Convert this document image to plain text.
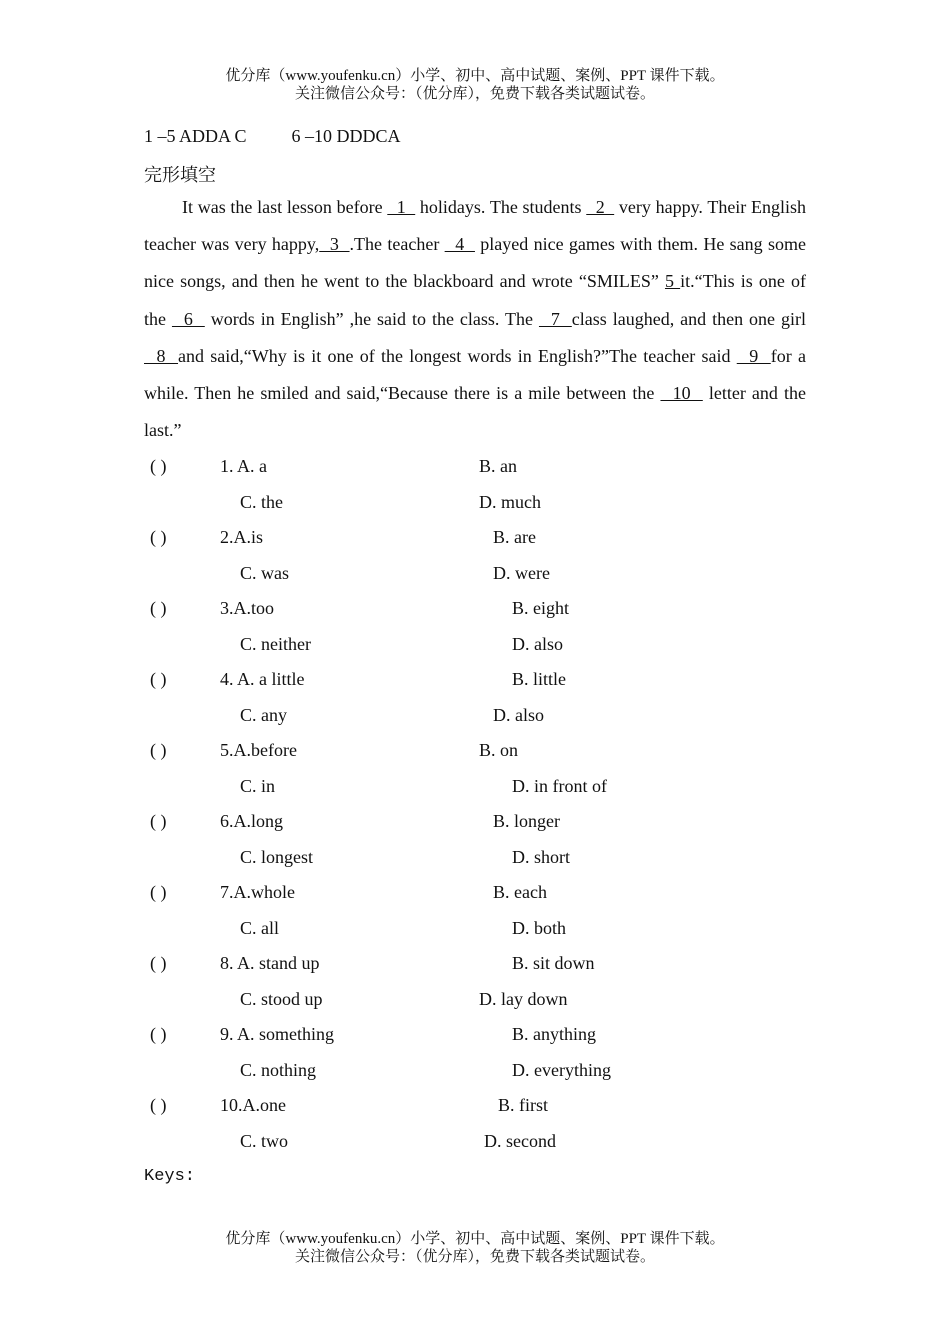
优分库（www.youfenku.cn）小学、初中、高中试题、案例、PPT 课件下载。
关注微信公众号：（优分库），免费下载各类试题试卷。
1 –5 ADDA C	6 –10 DDDCA
完形填空
It was the last lesson before   1   holidays. The students   2   very happy. Their English teacher was very happy,  3  .The teacher   4   played nice games with them. He sang some nice songs, and then he went to the blackboard and wrote “SMILES” 5 it.“This is one of the   6   words in English” ,he said to the class. The   7  class laughed, and then one girl   8  and said,“Why is it one of the longest words in English?”The teacher said   9  for a while. Then he smiled and said,“Because there is a mile between the   10   letter and the last.”
( )	1. A. a	B. an
C. the	D. much
( )	2.A.is	B. are
C. was	D. were
( )	3.A.too	B. eight
C. neither	D. also
( )	4. A. a little	B. little
C. any	D. also
( )	5.A.before	B. on
C. in	D. in front of
( )	6.A.long	B. longer
C. longest	D. short
( )	7.A.whole	B. each
C. all	D. both
( )	8. A. stand up	B. sit down
C. stood up	D. lay down
( )	9. A. something	B. anything
C. nothing	D. everything
( )	10.A.one	B. first
C. two	D. second
Keys:
优分库（www.youfenku.cn）小学、初中、高中试题、案例、PPT 课件下载。
关注微信公众号：（优分库），免费下载各类试题试卷。
